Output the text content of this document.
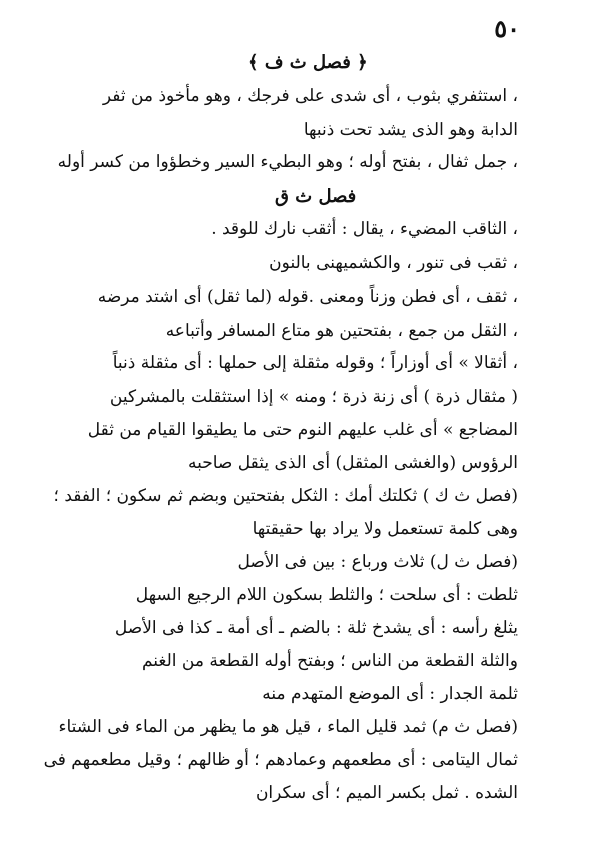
٥٠
﴿ فصل ث ف ﴾
، استثفري بثوب ، أى شدى على فرجك ، وهو مأخوذ من ثفر
الدابة وهو الذى يشد تحت ذنبها
، جمل ثفال ، بفتح أوله ؛ وهو البطيء السير وخطؤوا من كسر أوله
فصل ث ق
، الثاقب المضيء ، يقال : أثقب نارك للوقد .
، ثقب فى تنور ، والكشميهنى بالنون
، ثقف ، أى فطن وزناً ومعنى .قوله (لما ثقل) أى اشتد مرضه
، الثقل من جمع ، بفتحتين هو متاع المسافر وأتباعه
، أثقالا » أى أوزاراً ؛ وقوله مثقلة إلى حملها : أى مثقلة ذنباً
( مثقال ذرة ) أى زنة ذرة ؛ ومنه » إذا استثقلت بالمشركين
المضاجع » أى غلب عليهم النوم حتى ما يطيقوا القيام من ثقل
الرؤوس (والغشى المثقل) أى الذى يثقل صاحبه
(فصل ث ك ) ثكلتك أمك : الثكل بفتحتين وبضم ثم سكون ؛ الفقد ؛
وهى كلمة تستعمل ولا يراد بها حقيقتها
(فصل ث ل) ثلاث ورباع : بين فى الأصل
ثلطت : أى سلحت ؛ والثلط بسكون اللام الرجيع السهل
يثلغ رأسه : أى يشدخ ثلة : بالضم ـ أى أمة ـ كذا فى الأصل
والثلة القطعة من الناس ؛ وبفتح أوله القطعة من الغنم
ثلمة الجدار : أى الموضع المتهدم منه
(فصل ث م) ثمد قليل الماء ، قيل هو ما يظهر من الماء فى الشتاء
ثمال اليتامى : أى مطعمهم وعمادهم ؛ أو ظالهم ؛ وقيل مطعمهم فى
الشده . ثمل بكسر الميم ؛ أى سكران
